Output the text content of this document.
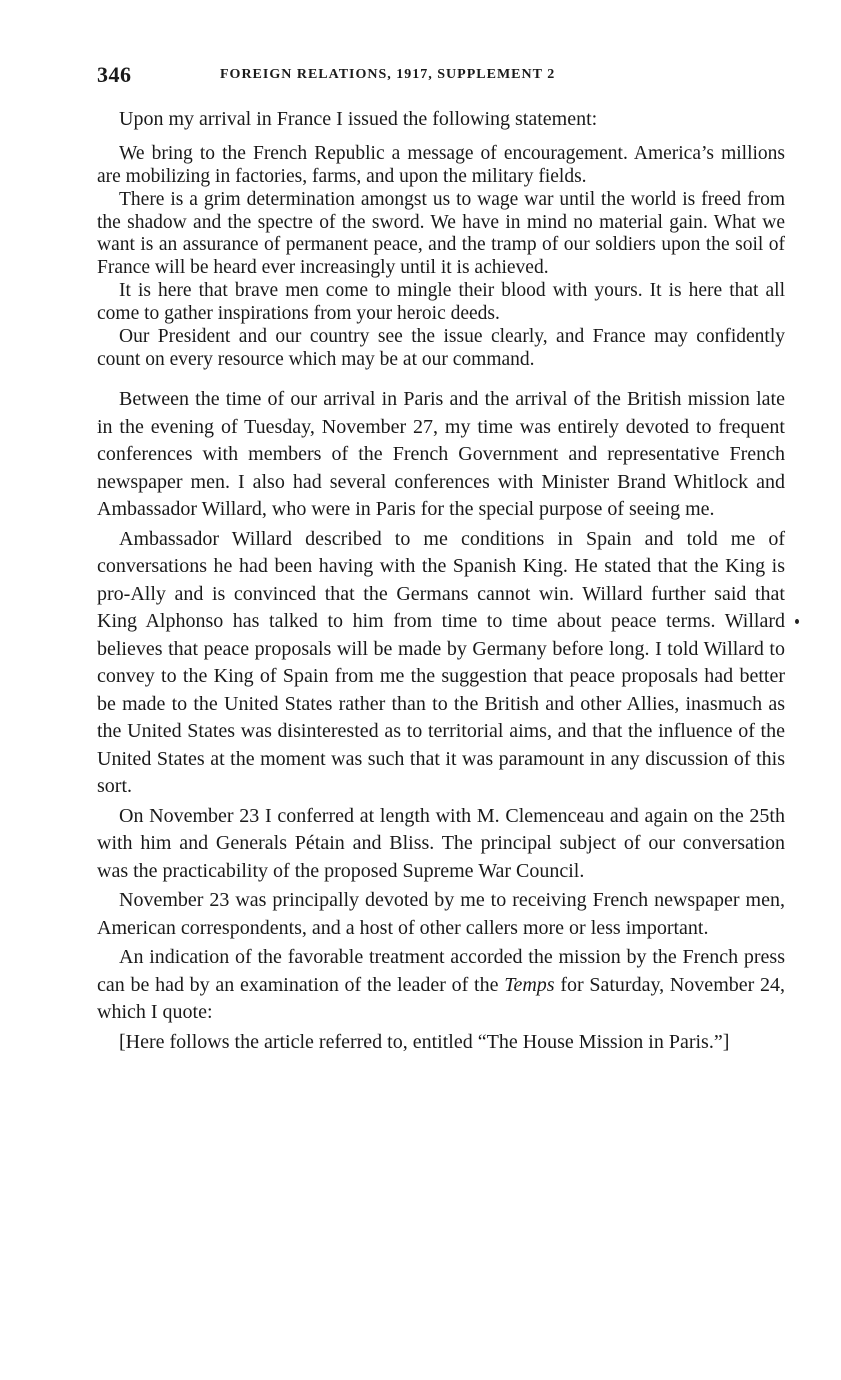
346	FOREIGN RELATIONS, 1917, SUPPLEMENT 2

Upon my arrival in France I issued the following statement:

We bring to the French Republic a message of encouragement. America’s millions are mobilizing in factories, farms, and upon the military fields.

There is a grim determination amongst us to wage war until the world is freed from the shadow and the spectre of the sword. We have in mind no material gain. What we want is an assurance of permanent peace, and the tramp of our soldiers upon the soil of France will be heard ever increasingly until it is achieved.

It is here that brave men come to mingle their blood with yours. It is here that all come to gather inspirations from your heroic deeds.

Our President and our country see the issue clearly, and France may confidently count on every resource which may be at our command.

Between the time of our arrival in Paris and the arrival of the British mission late in the evening of Tuesday, November 27, my time was entirely devoted to frequent conferences with members of the French Government and representative French newspaper men. I also had several conferences with Minister Brand Whitlock and Ambassador Willard, who were in Paris for the special purpose of seeing me.

Ambassador Willard described to me conditions in Spain and told me of conversations he had been having with the Spanish King. He stated that the King is pro-Ally and is convinced that the Germans cannot win. Willard further said that King Alphonso has talked to him from time to time about peace terms. Willard believes that peace proposals will be made by Germany before long. I told Willard to convey to the King of Spain from me the suggestion that peace proposals had better be made to the United States rather than to the British and other Allies, inasmuch as the United States was disinterested as to territorial aims, and that the influence of the United States at the moment was such that it was paramount in any discussion of this sort.

On November 23 I conferred at length with M. Clemenceau and again on the 25th with him and Generals Pétain and Bliss. The principal subject of our conversation was the practicability of the proposed Supreme War Council.

November 23 was principally devoted by me to receiving French newspaper men, American correspondents, and a host of other callers more or less important.

An indication of the favorable treatment accorded the mission by the French press can be had by an examination of the leader of the Temps for Saturday, November 24, which I quote:

[Here follows the article referred to, entitled “The House Mission in Paris.”]
